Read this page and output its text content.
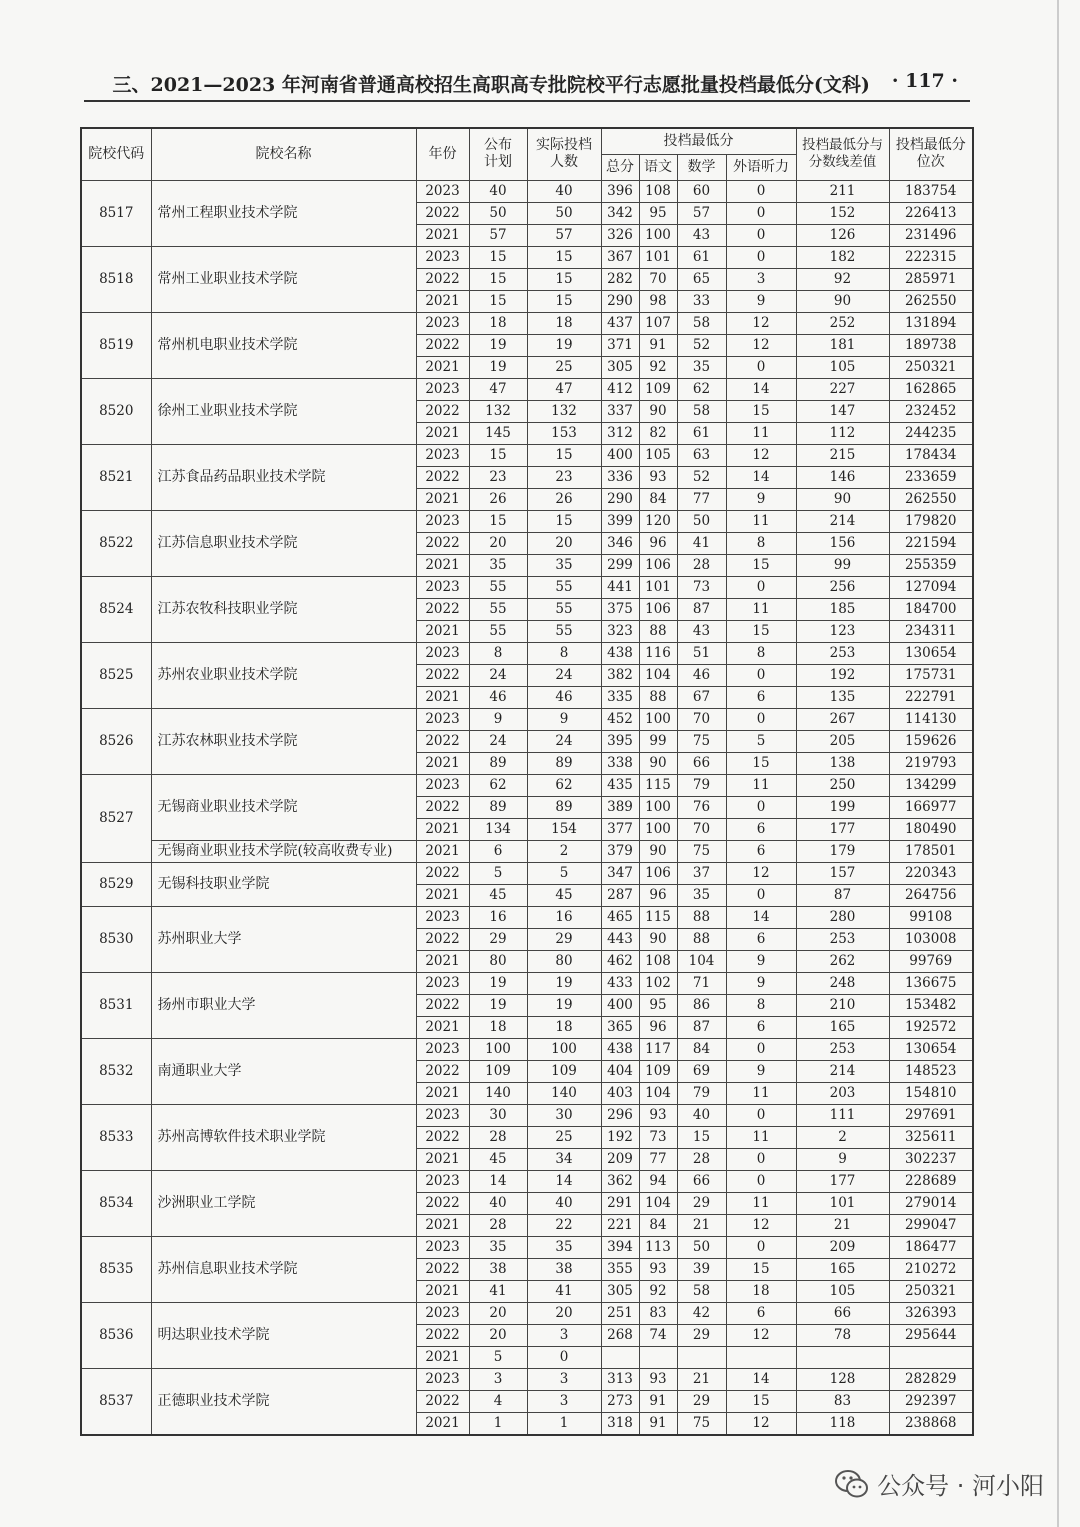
三、2021—2023 年河南省普通高校招生高职高专批院校平行志愿批量投档最低分(文科) · 117 ·
院校代码	院校名称	年份	公布计划	实际投档人数	投档最低分				投档最低分与分数线差值	投档最低分位次
					总分	语文	数学	外语听力		
8517	常州工程职业技术学院	2023	40	40	396	108	60	0	211	183754
		2022	50	50	342	95	57	0	152	226413
		2021	57	57	326	100	43	0	126	231496
8518	常州工业职业技术学院	2023	15	15	367	101	61	0	182	222315
		2022	15	15	282	70	65	3	92	285971
		2021	15	15	290	98	33	9	90	262550
8519	常州机电职业技术学院	2023	18	18	437	107	58	12	252	131894
		2022	19	19	371	91	52	12	181	189738
		2021	19	25	305	92	35	0	105	250321
8520	徐州工业职业技术学院	2023	47	47	412	109	62	14	227	162865
		2022	132	132	337	90	58	15	147	232452
		2021	145	153	312	82	61	11	112	244235
8521	江苏食品药品职业技术学院	2023	15	15	400	105	63	12	215	178434
		2022	23	23	336	93	52	14	146	233659
		2021	26	26	290	84	77	9	90	262550
8522	江苏信息职业技术学院	2023	15	15	399	120	50	11	214	179820
		2022	20	20	346	96	41	8	156	221594
		2021	35	35	299	106	28	15	99	255359
8524	江苏农牧科技职业学院	2023	55	55	441	101	73	0	256	127094
		2022	55	55	375	106	87	11	185	184700
		2021	55	55	323	88	43	15	123	234311
8525	苏州农业职业技术学院	2023	8	8	438	116	51	8	253	130654
		2022	24	24	382	104	46	0	192	175731
		2021	46	46	335	88	67	6	135	222791
8526	江苏农林职业技术学院	2023	9	9	452	100	70	0	267	114130
		2022	24	24	395	99	75	5	205	159626
		2021	89	89	338	90	66	15	138	219793
8527	无锡商业职业技术学院	2023	62	62	435	115	79	11	250	134299
		2022	89	89	389	100	76	0	199	166977
		2021	134	154	377	100	70	6	177	180490
	无锡商业职业技术学院(较高收费专业)	2021	6	2	379	90	75	6	179	178501
8529	无锡科技职业学院	2022	5	5	347	106	37	12	157	220343
		2021	45	45	287	96	35	0	87	264756
8530	苏州职业大学	2023	16	16	465	115	88	14	280	99108
		2022	29	29	443	90	88	6	253	103008
		2021	80	80	462	108	104	9	262	99769
8531	扬州市职业大学	2023	19	19	433	102	71	9	248	136675
		2022	19	19	400	95	86	8	210	153482
		2021	18	18	365	96	87	6	165	192572
8532	南通职业大学	2023	100	100	438	117	84	0	253	130654
		2022	109	109	404	109	69	9	214	148523
		2021	140	140	403	104	79	11	203	154810
8533	苏州高博软件技术职业学院	2023	30	30	296	93	40	0	111	297691
		2022	28	25	192	73	15	11	2	325611
		2021	45	34	209	77	28	0	9	302237
8534	沙洲职业工学院	2023	14	14	362	94	66	0	177	228689
		2022	40	40	291	104	29	11	101	279014
		2021	28	22	221	84	21	12	21	299047
8535	苏州信息职业技术学院	2023	35	35	394	113	50	0	209	186477
		2022	38	38	355	93	39	15	165	210272
		2021	41	41	305	92	58	18	105	250321
8536	明达职业技术学院	2023	20	20	251	83	42	6	66	326393
		2022	20	3	268	74	29	12	78	295644
		2021	5	0						
8537	正德职业技术学院	2023	3	3	313	93	21	14	128	282829
		2022	4	3	273	91	29	15	83	292397
		2021	1	1	318	91	75	12	118	238868
公众号 · 河小阳
